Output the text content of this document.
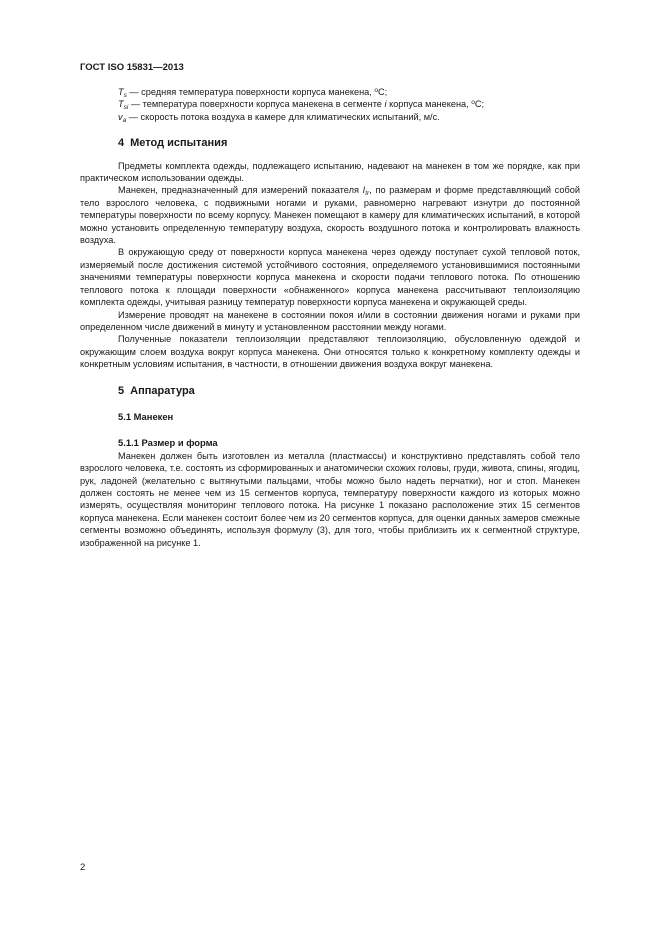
ГОСТ ISO 15831—2013

$T_s$ — средняя температура поверхности корпуса манекена, $^o$С;

$T_{si}$ — температура поверхности корпуса манекена в сегменте i корпуса манекена, $^o$С;

$v_a$ — скорость потока воздуха в камере для климатических испытаний, м/с.

4 Метод испытания

Предметы комплекта одежды, подлежащего испытанию, надевают на манекен в том же порядке, как при практическом использовании одежды.

Манекен, предназначенный для измерений показателя $I_{tr}$, по размерам и форме представляющий собой тело взрослого человека, с подвижными ногами и руками, равномерно нагревают изнутри до постоянной температуры поверхности по всему корпусу. Манекен помещают в камеру для климатических испытаний, в которой можно установить определенную температуру воздуха, скорость воздушного потока и контролировать влажность воздуха.

В окружающую среду от поверхности корпуса манекена через одежду поступает сухой тепловой поток, измеряемый после достижения системой устойчивого состояния, определяемого установившимися постоянными значениями температуры поверхности корпуса манекена и скорости подачи теплового потока. По отношению теплового потока к площади поверхности «обнаженного» корпуса манекена рассчитывают теплоизоляцию комплекта одежды, учитывая разницу температур поверхности корпуса манекена и окружающей среды.

Измерение проводят на манекене в состоянии покоя и/или в состоянии движения ногами и руками при определенном числе движений в минуту и установленном расстоянии между ногами.

Полученные показатели теплоизоляции представляют теплоизоляцию, обусловленную одеждой и окружающим слоем воздуха вокруг корпуса манекена. Они относятся только к конкретному комплекту одежды и конкретным условиям испытания, в частности, в отношении движения воздуха вокруг манекена.

5 Аппаратура
5.1 Манекен
5.1.1 Размер и форма

Манекен должен быть изготовлен из металла (пластмассы) и конструктивно представлять собой тело взрослого человека, т.е. состоять из сформированных и анатомически схожих головы, груди, живота, спины, ягодиц, рук, ладоней (желательно с вытянутыми пальцами, чтобы можно было надеть перчатки), ног и стоп. Манекен должен состоять не менее чем из 15 сегментов корпуса, температуру поверхности каждого из которых можно измерять, осуществляя мониторинг теплового потока. На рисунке 1 показано расположение этих 15 сегментов корпуса манекена. Если манекен состоит более чем из 20 сегментов корпуса, для оценки данных замеров смежные сегменты возможно объединять, используя формулу (3), для того, чтобы приблизить их к сегментной структуре, изображенной на рисунке 1.

2
